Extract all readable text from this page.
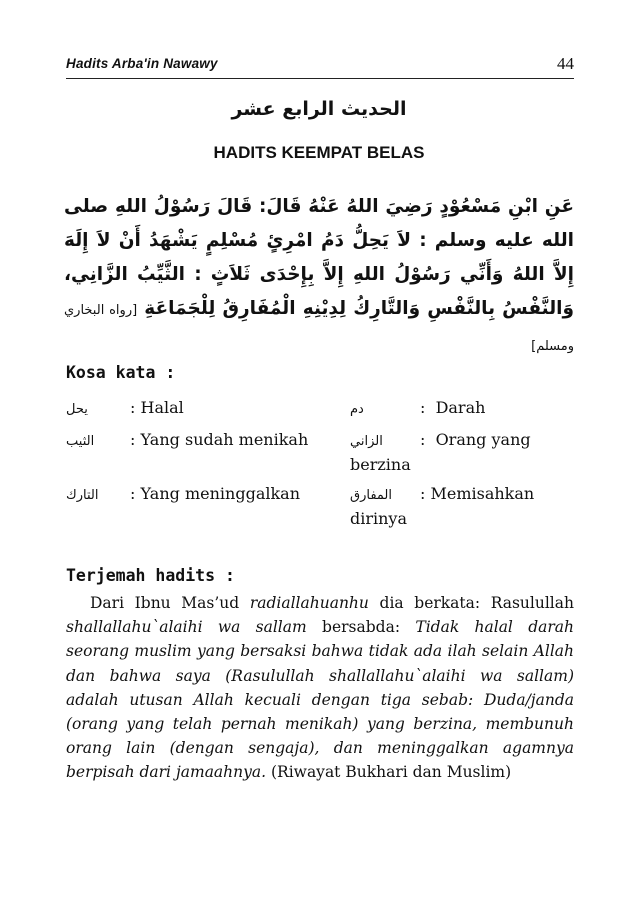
Hadits Arba'in Nawawy	44
الحديث الرابع عشر
HADITS KEEMPAT BELAS
عَنِ ابْنِ مَسْعُوْدٍ رَضِيَ اللهُ عَنْهُ قَالَ: قَالَ رَسُوْلُ اللهِ صلى الله عليه وسلم : لاَ يَحِلُّ دَمُ امْرِئٍ مُسْلِمٍ يَشْهَدُ أَنْ لاَ إِلَهَ إِلاَّ اللهُ وَأَنِّي رَسُوْلُ اللهِ إِلاَّ بِإِحْدَى ثَلاَثٍ : الثَّيِّبُ الزَّانِي، وَالنَّفْسُ بِالنَّفْسِ وَالتَّارِكُ لِدِيْنِهِ الْمُفَارِقُ لِلْجَمَاعَةِ [رواه البخاري ومسلم]
Kosa kata :
يحل	: Halal	دم	: Darah
الثيب : Yang sudah menikah	الزاني : Orang yang
berzina
التارك : Yang meninggalkan	المفارق : Memisahkan
dirinya
Terjemah hadits :
Dari Ibnu Mas’ud radiallahuanhu dia berkata: Rasulullah shallallahu`alaihi wa sallam bersabda: Tidak halal darah seorang muslim yang bersaksi bahwa tidak ada ilah selain Allah dan bahwa saya (Rasulullah shallallahu`alaihi wa sallam) adalah utusan Allah kecuali dengan tiga sebab: Duda/janda (orang yang telah pernah menikah) yang berzina, membunuh orang lain (dengan sengaja), dan meninggalkan agamnya berpisah dari jamaahnya. (Riwayat Bukhari dan Muslim)
